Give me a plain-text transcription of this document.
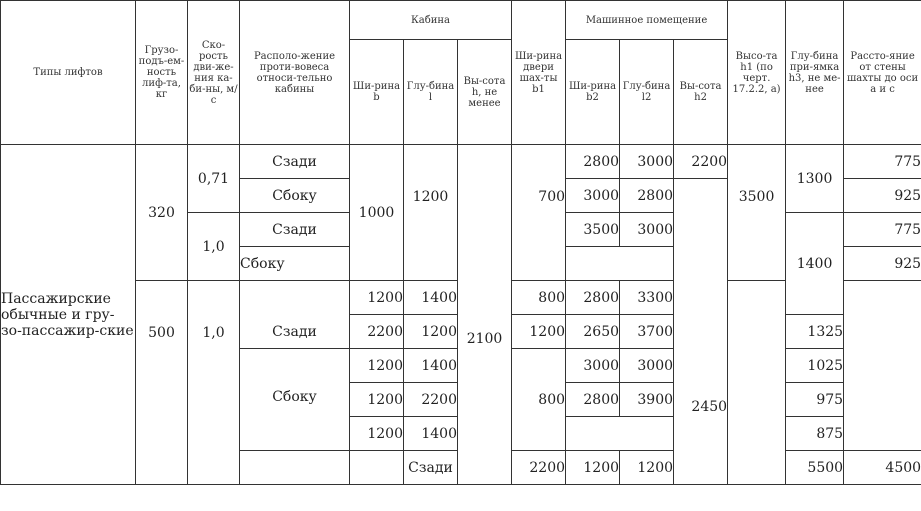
Типы лифтов	Грузо-подъ-ем-ность лиф-та, кг	Ско-рость дви-же-ния ка-би-ны, м/с	Располо-жение проти-вовеса относи-тельно кабины	Кабина			Ши-рина двери шах-ты b1	Машинное помещение			Высо-та h1 (по черт. 17.2.2, а)	Глу-бина при-ямка h3, не ме-нее	Рассто-яние от стены шахты до оси a и c	
				Ши-рина b	Глу-бина l	Вы-сота h, не менее		Ши-рина b2	Глу-бина l2	Вы-сота h2				
Пассажирские обычные и гру-зо-пассажир-ские	320	0,71	Сзади	1000	1200	2100	700	2800	3000	2200	3500	1300	775	
			Сбоку					3000	2800	2450			925	
		1,0	Сзади					3500	3000			1400	775	
			Сбоку										925	
	500	1,0	Сзади	1200	1400		800	2800	3300			
				2200	1200		1200	2650	3700			1325		
			Сбоку	1200	1400		800	3000	3000			1025		
				1200	2200			2800	3900			975		
				1200	1400							875		
					Сзади		2200	1200	1200			5500	4500			
